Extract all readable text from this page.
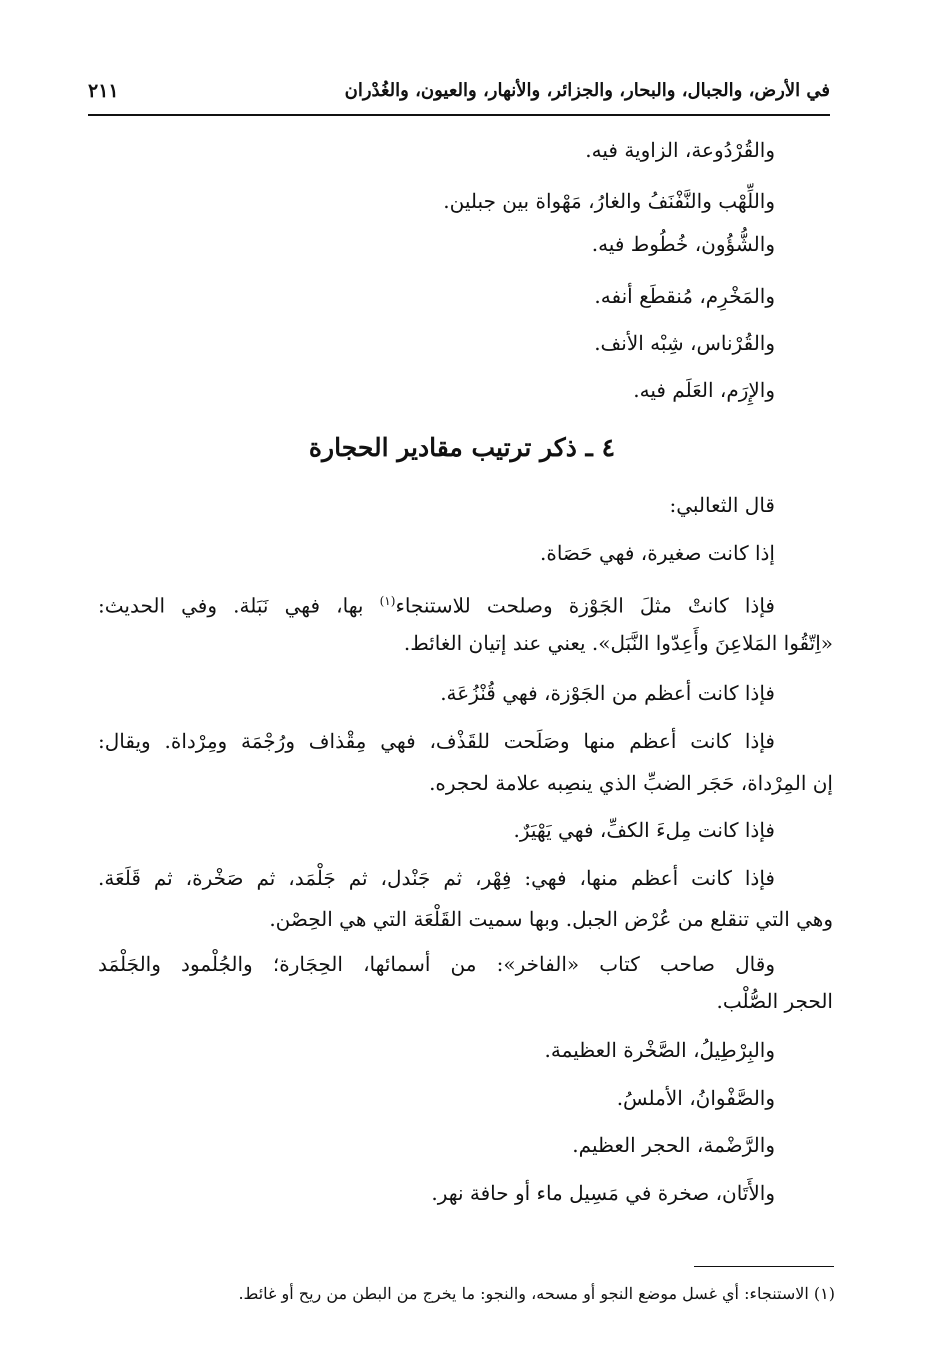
في الأرض، والجبال، والبحار، والجزائر، والأنهار، والعيون، والغُدْران
٢١١
والقُرْدُوعة، الزاوية فيه.
واللِّهْب والنَّفْنَفُ والغارُ، مَهْواة بين جبلين.
والشُّؤُون، خُطُوط فيه.
والمَخْرِم، مُنقطَع أنفه.
والقُرْناس، شِبْه الأنف.
والإِرَم، العَلَم فيه.
٤ ـ ذكر ترتيب مقادير الحجارة
قال الثعالبي:
إذا كانت صغيرة، فهي حَصَاة.
فإذا كانتْ مثلَ الجَوْزة وصلحت للاستنجاء$^{(١)}$ بها، فهي نَبَلة. وفي الحديث:
«اِتّقُوا المَلاعِنَ وأَعِدّوا النَّبَل». يعني عند إتيان الغائط.
فإذا كانت أعظم من الجَوْزة، فهي قُنْزُعَة.
فإذا كانت أعظم منها وصَلَحت للقَذْف، فهي مِقْذاف ورُجْمَة ومِرْداة. ويقال:
إن المِرْداة، حَجَر الضبِّ الذي ينصِبه علامة لحجره.
فإذا كانت مِلءَ الكفِّ، فهي يَهْيَرٌ.
فإذا كانت أعظم منها، فهي: فِهْر، ثم جَنْدل، ثم جَلْمَد، ثم صَخْرة، ثم قَلَعَة.
وهي التي تنقلع من عُرْض الجبل. وبها سميت القَلْعَة التي هي الحِصْن.
وقال صاحب كتاب «الفاخر»: من أسمائها، الحِجَارة؛ والجُلْمود والجَلْمَد
الحجر الصُّلْب.
والبِرْطِيلُ، الصَّخْرة العظيمة.
والصَّفْوانُ، الأملسُ.
والرَّضْمة، الحجر العظيم.
والأَتَان، صخرة في مَسِيل ماء أو حافة نهر.
(١) الاستنجاء: أي غسل موضع النجو أو مسحه، والنجو: ما يخرج من البطن من ريح أو غائط.
